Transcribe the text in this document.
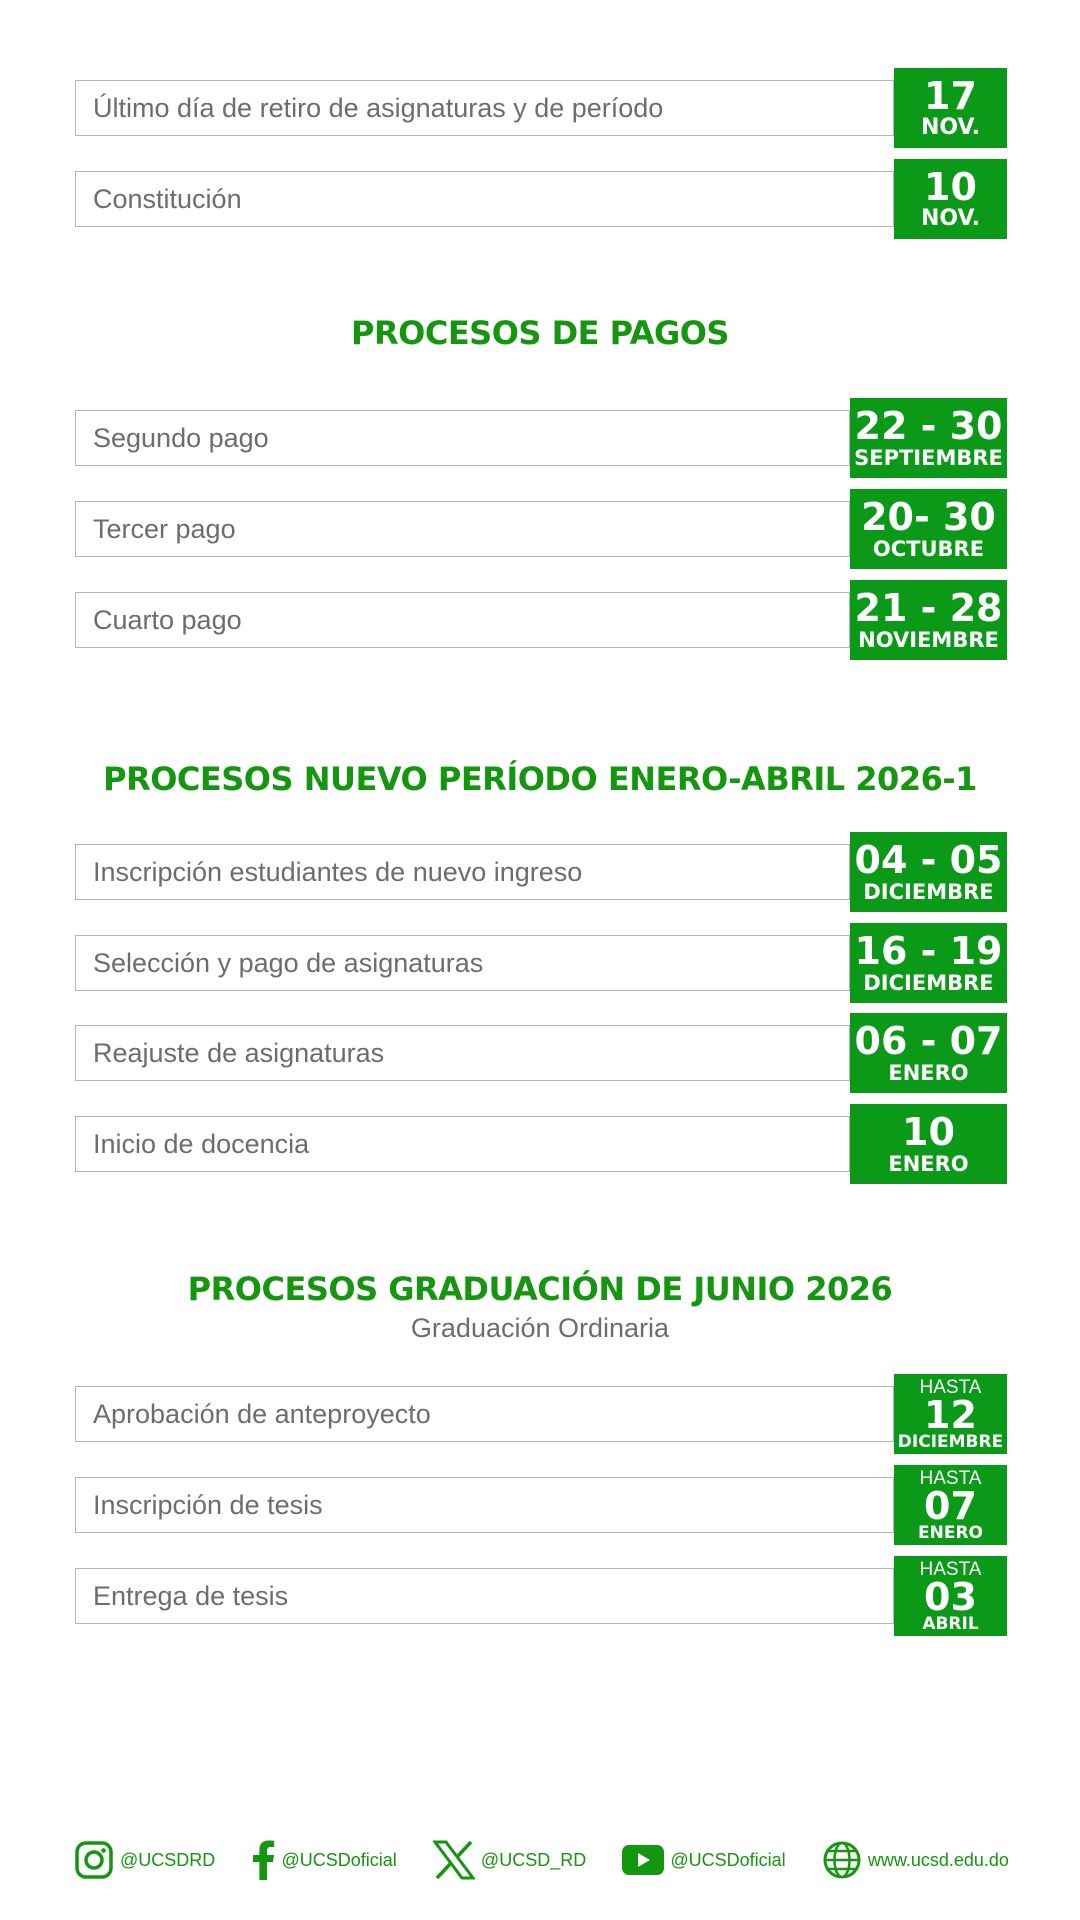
Último día de retiro de asignaturas y de período	17
NOV.
Constitución	10
NOV.
PROCESOS DE PAGOS
Segundo pago	22 - 30
SEPTIEMBRE
Tercer pago	20- 30
OCTUBRE
Cuarto pago	21 - 28
NOVIEMBRE
PROCESOS NUEVO PERÍODO ENERO-ABRIL 2026-1
Inscripción estudiantes de nuevo ingreso	04 - 05
DICIEMBRE
Selección y pago de asignaturas	16 - 19
DICIEMBRE
Reajuste de asignaturas	06 - 07
ENERO
Inicio de docencia	10
ENERO
PROCESOS GRADUACIÓN DE JUNIO 2026
Graduación Ordinaria
Aprobación de anteproyecto
HASTA
12
DICIEMBRE
Inscripción de tesis
HASTA
07
ENERO
Entrega de tesis
HASTA
03
ABRIL
@UCSDRD	@UCSDoficial	@UCSD_RD	@UCSDoficial	www.ucsd.edu.do
